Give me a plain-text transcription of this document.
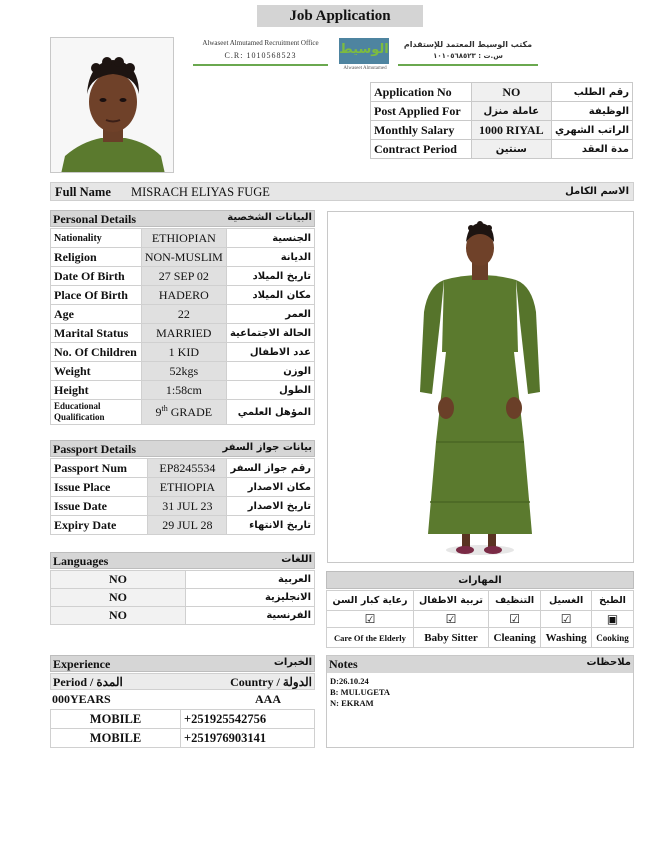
Job Application
Alwaseet Almutamed Recruitment Office
C.R: 1010568523	الوسيط
Alwaseet Almutamed
مكتب الوسيط المعتمد للإستقدام
س.ت : ١٠١٠٥٦٨٥٢٣
Application No	NO	رقم الطلب
Post Applied For	عاملة منزل	الوظيفة
Monthly Salary	1000 RIYAL	الراتب الشهري
Contract Period	سنتين	مدة العقد
Full Name MISRACH ELIYAS FUGE	الاسم الكامل
Personal Details	البيانات الشخصية
Nationality	ETHIOPIAN	الجنسية
Religion	NON-MUSLIM	الديانة
Date Of Birth	27 SEP 02	تاريخ الميلاد
Place Of Birth	HADERO	مكان الميلاد
Age	22	العمر
Marital Status	MARRIED	الحالة الاجتماعية
No. Of Children	1 KID	عدد الاطفال
Weight	52kgs	الوزن
Height	1:58cm	الطول
Educational Qualification	9th GRADE	المؤهل العلمي
Passport Details	بيانات جواز السفر
Passport Num	EP8245534	رقم جواز السفر
Issue Place	ETHIOPIA	مكان الاصدار
Issue Date	31 JUL 23	تاريخ الاصدار
Expiry Date	29 JUL 28	تاريخ الانتهاء
Languages	اللغات
NO	العربية
NO	الانجليزية
NO	الفرنسية
المهارات
رعاية كبار السن	تربية الاطفال	التنظيف	الغسيل	الطبخ
☑	☑	☑	☑	▣
Care Of the Elderly	Baby Sitter	Cleaning	Washing	Cooking
Experience	الخبرات
Period / المدة	Country / الدولة
000YEARS	AAA
MOBILE	+251925542756
MOBILE	+251976903141
Notes	ملاحظات
D:26.10.24
B: MULUGETA
N: EKRAM
